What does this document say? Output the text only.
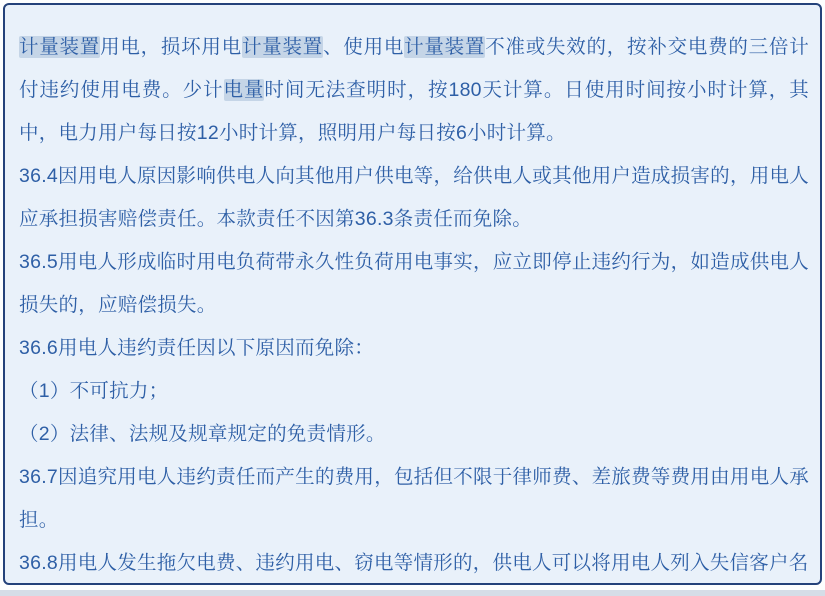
计量装置用电，损坏用电计量装置、使用电计量装置不准或失效的，按补交电费的三倍计付违约使用电费。少计电量时间无法查明时，按180天计算。日使用时间按小时计算，其中，电力用户每日按12小时计算，照明用户每日按6小时计算。

36.4因用电人原因影响供电人向其他用户供电等，给供电人或其他用户造成损害的，用电人应承担损害赔偿责任。本款责任不因第36.3条责任而免除。

36.5用电人形成临时用电负荷带永久性负荷用电事实，应立即停止违约行为，如造成供电人损失的，应赔偿损失。

36.6用电人违约责任因以下原因而免除：

（1）不可抗力；

（2）法律、法规及规章规定的免责情形。

36.7因追究用电人违约责任而产生的费用，包括但不限于律师费、差旅费等费用由用电人承担。

36.8用电人发生拖欠电费、违约用电、窃电等情形的，供电人可以将用电人列入失信客户名
